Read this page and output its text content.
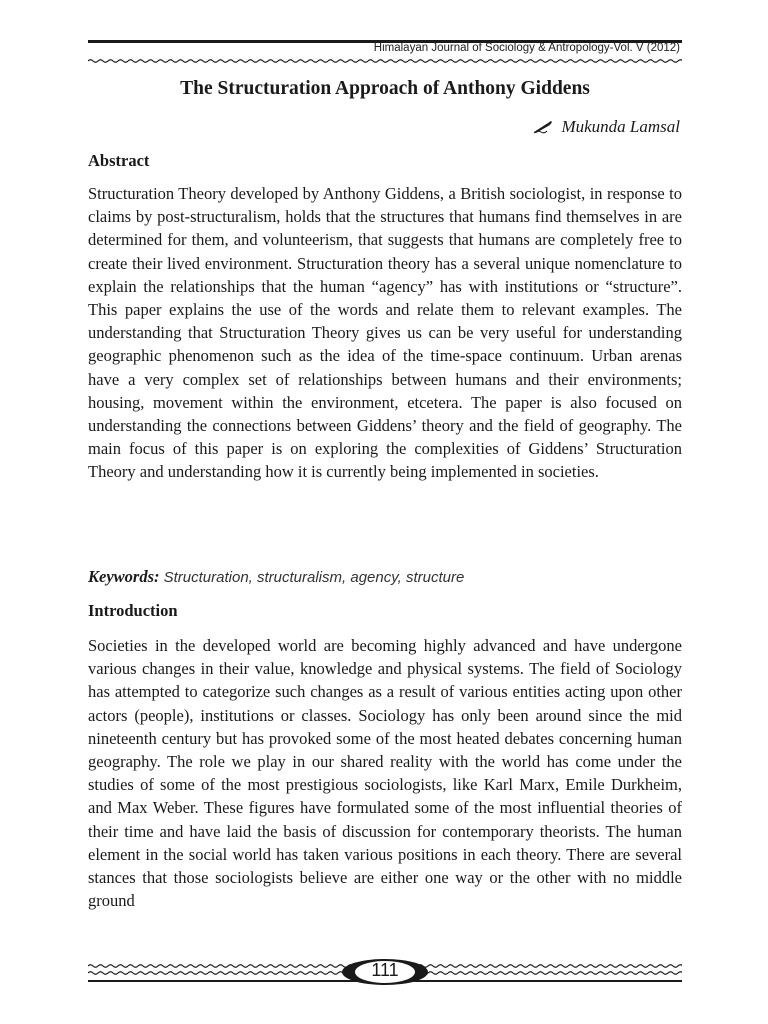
Himalayan Journal of Sociology & Antropology-Vol. V (2012)
The Structuration Approach of Anthony Giddens
Mukunda Lamsal
Abstract

Structuration Theory developed by Anthony Giddens, a British sociologist, in response to claims by post-structuralism, holds that the structures that humans find themselves in are determined for them, and volunteerism, that suggests that humans are completely free to create their lived environment. Structuration theory has a several unique nomenclature to explain the relationships that the human “agency” has with institutions or “structure”. This paper explains the use of the words and relate them to relevant examples. The understanding that Structuration Theory gives us can be very useful for understanding geographic phenomenon such as the idea of the time-space continuum. Urban arenas have a very complex set of relationships between humans and their environments; housing, movement within the environment, etcetera. The paper is also focused on understanding the connections between Giddens’ theory and the field of geography. The main focus of this paper is on exploring the complexities of Giddens’ Structuration Theory and understanding how it is currently being implemented in societies.

Keywords: Structuration, structuralism, agency, structure
Introduction

Societies in the developed world are becoming highly advanced and have undergone various changes in their value, knowledge and physical systems. The field of Sociology has attempted to categorize such changes as a result of various entities acting upon other actors (people), institutions or classes. Sociology has only been around since the mid nineteenth century but has provoked some of the most heated debates concerning human geography. The role we play in our shared reality with the world has come under the studies of some of the most prestigious sociologists, like Karl Marx, Emile Durkheim, and Max Weber. These figures have formulated some of the most influential theories of their time and have laid the basis of discussion for contemporary theorists. The human element in the social world has taken various positions in each theory. There are several stances that those sociologists believe are either one way or the other with no middle ground

111
